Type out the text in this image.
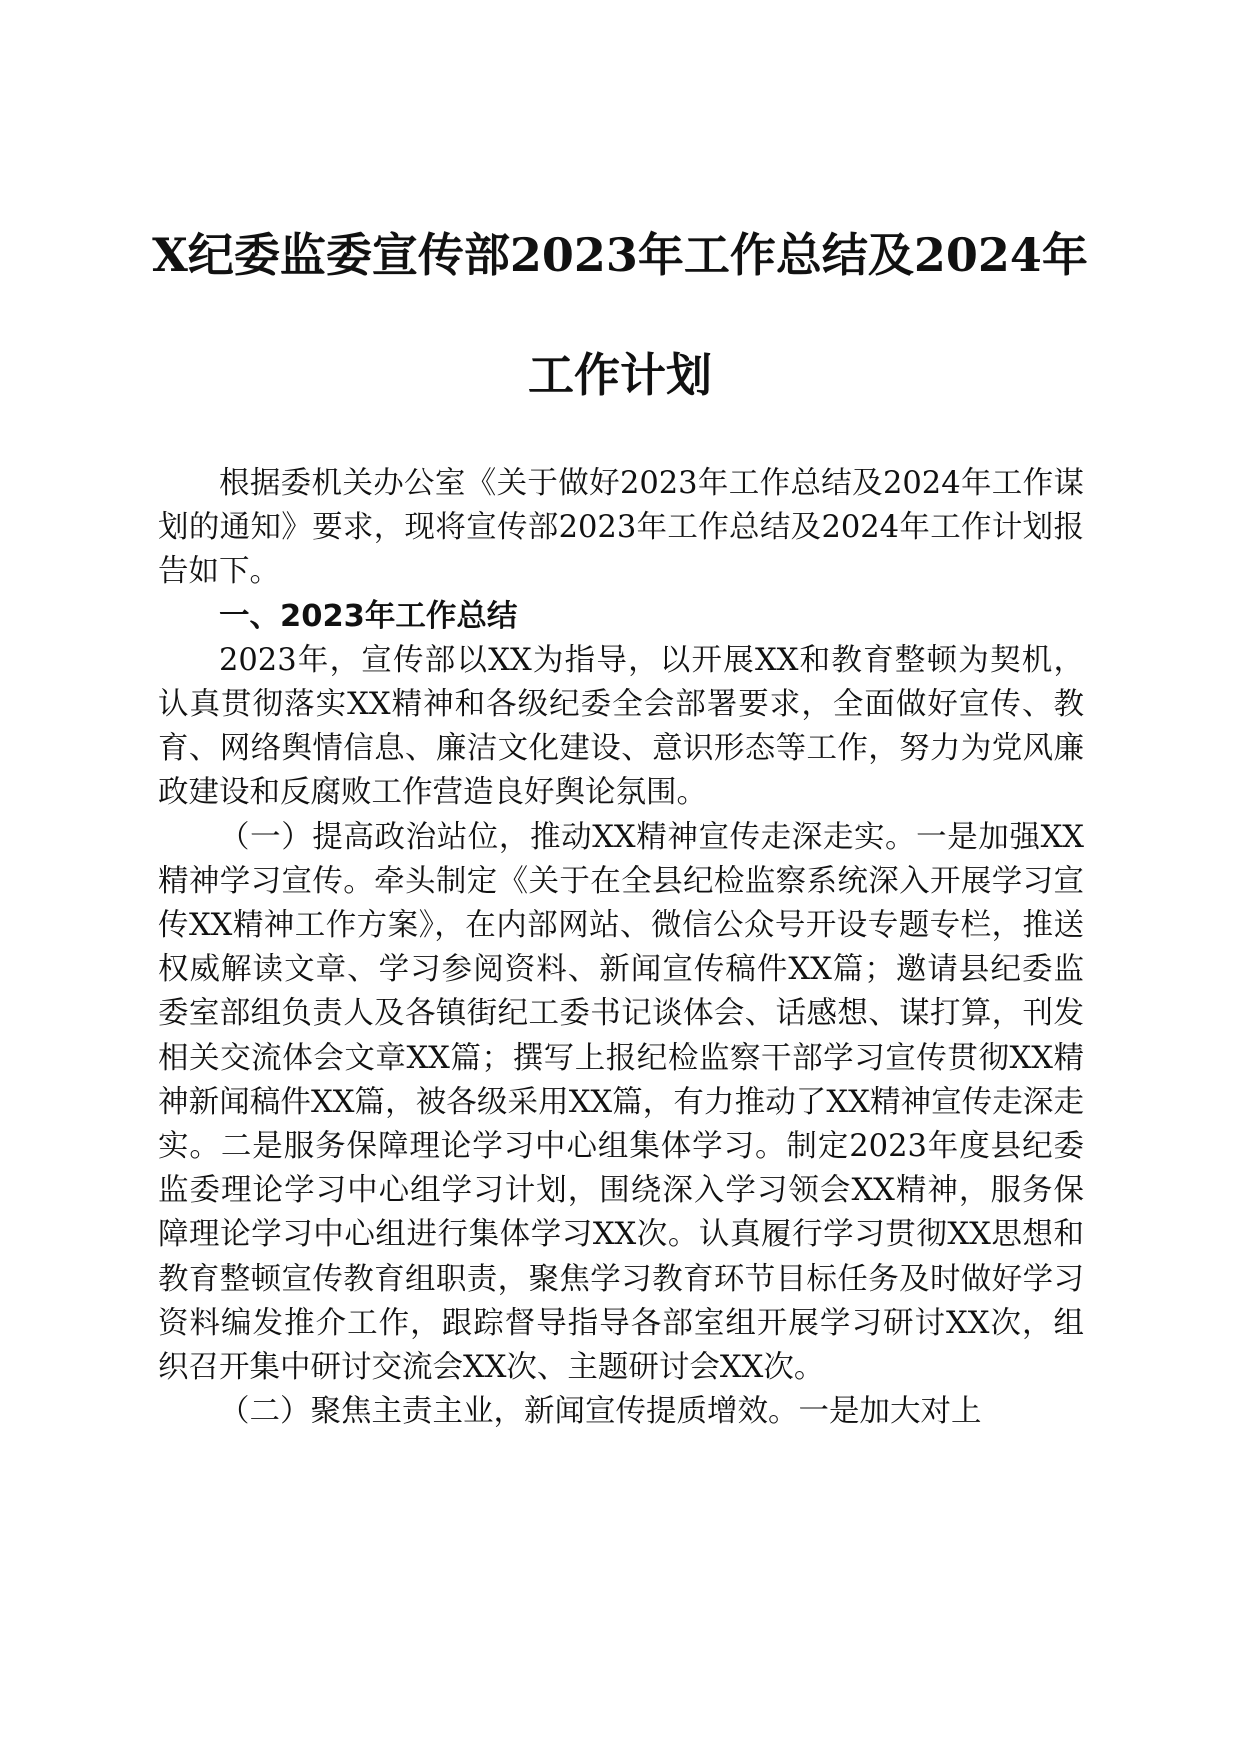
X纪委监委宣传部2023年工作总结及2024年
工作计划

根据委机关办公室《关于做好2023年工作总结及2024年工作谋划的通知》要求，现将宣传部2023年工作总结及2024年工作计划报告如下。

一、2023年工作总结

2023年，宣传部以XX为指导，以开展XX和教育整顿为契机，认真贯彻落实XX精神和各级纪委全会部署要求，全面做好宣传、教育、网络舆情信息、廉洁文化建设、意识形态等工作，努力为党风廉政建设和反腐败工作营造良好舆论氛围。

（一）提高政治站位，推动XX精神宣传走深走实。一是加强XX精神学习宣传。牵头制定《关于在全县纪检监察系统深入开展学习宣传XX精神工作方案》，在内部网站、微信公众号开设专题专栏，推送权威解读文章、学习参阅资料、新闻宣传稿件XX篇；邀请县纪委监委室部组负责人及各镇街纪工委书记谈体会、话感想、谋打算，刊发相关交流体会文章XX篇；撰写上报纪检监察干部学习宣传贯彻XX精神新闻稿件XX篇，被各级采用XX篇，有力推动了XX精神宣传走深走实。二是服务保障理论学习中心组集体学习。制定2023年度县纪委监委理论学习中心组学习计划，围绕深入学习领会XX精神，服务保障理论学习中心组进行集体学习XX次。认真履行学习贯彻XX思想和教育整顿宣传教育组职责，聚焦学习教育环节目标任务及时做好学习资料编发推介工作，跟踪督导指导各部室组开展学习研讨XX次，组织召开集中研讨交流会XX次、主题研讨会XX次。

（二）聚焦主责主业，新闻宣传提质增效。一是加大对上
